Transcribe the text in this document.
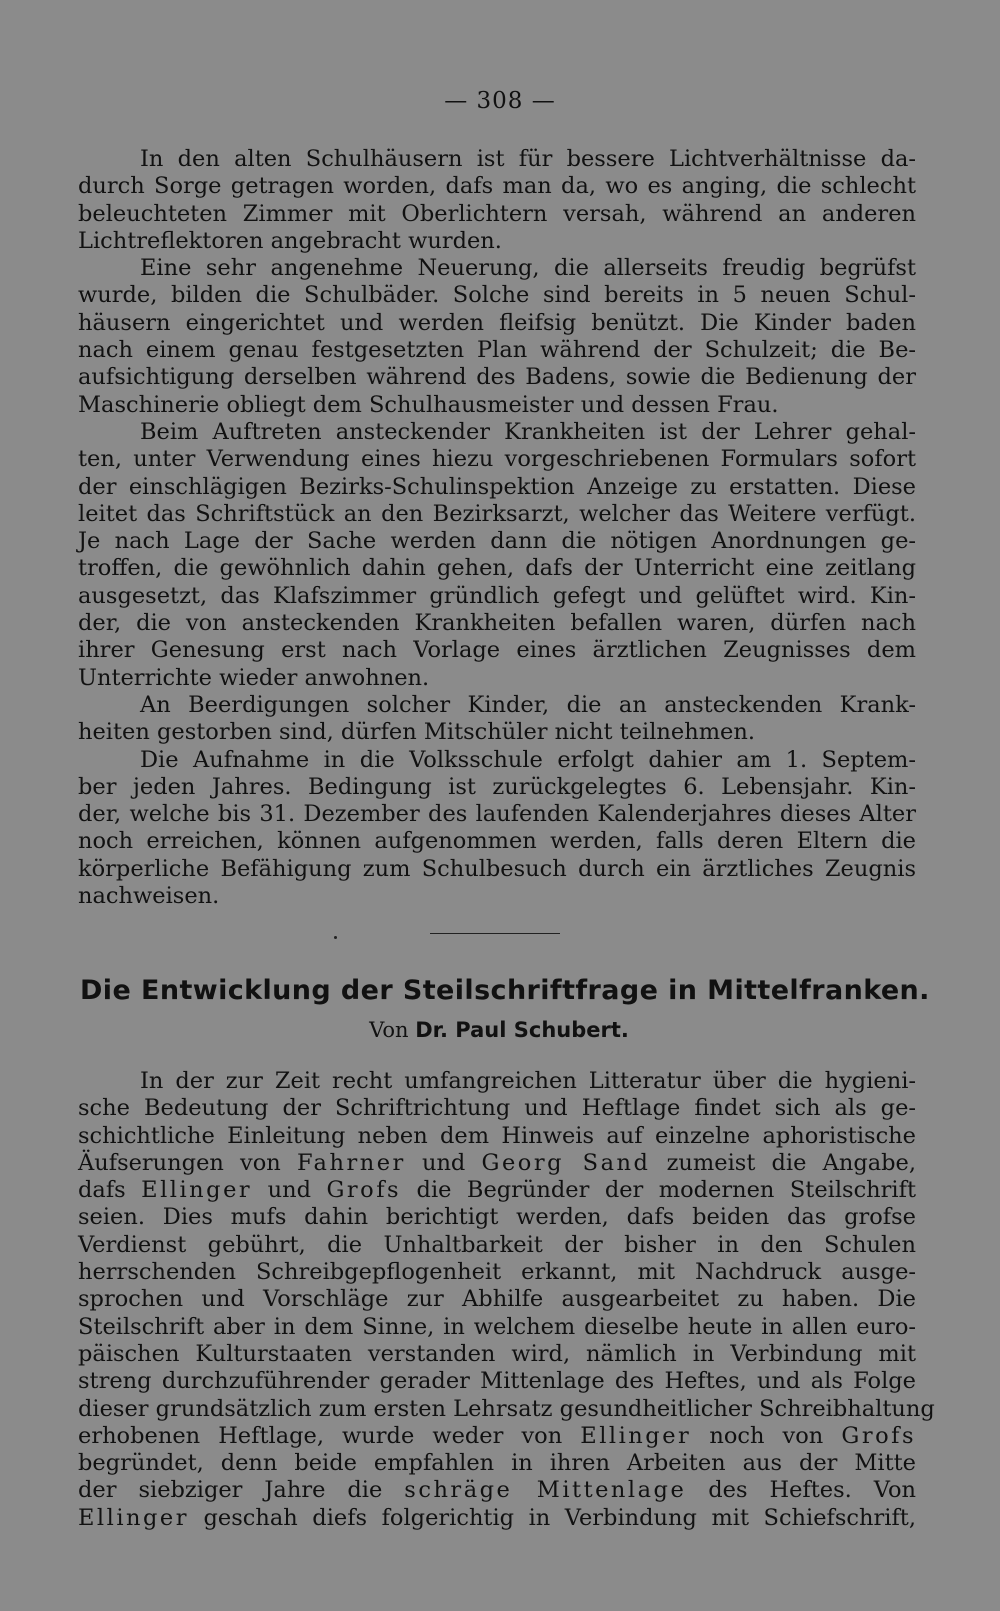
— 308 —
In den alten Schulhäusern ist für bessere Lichtverhältnisse da-
durch Sorge getragen worden, dafs man da, wo es anging, die schlecht
beleuchteten Zimmer mit Oberlichtern versah, während an anderen
Lichtreflektoren angebracht wurden.
Eine sehr angenehme Neuerung, die allerseits freudig begrüfst
wurde, bilden die Schulbäder. Solche sind bereits in 5 neuen Schul-
häusern eingerichtet und werden fleifsig benützt. Die Kinder baden
nach einem genau festgesetzten Plan während der Schulzeit; die Be-
aufsichtigung derselben während des Badens, sowie die Bedienung der
Maschinerie obliegt dem Schulhausmeister und dessen Frau.
Beim Auftreten ansteckender Krankheiten ist der Lehrer gehal-
ten, unter Verwendung eines hiezu vorgeschriebenen Formulars sofort
der einschlägigen Bezirks-Schulinspektion Anzeige zu erstatten. Diese
leitet das Schriftstück an den Bezirksarzt, welcher das Weitere verfügt.
Je nach Lage der Sache werden dann die nötigen Anordnungen ge-
troffen, die gewöhnlich dahin gehen, dafs der Unterricht eine zeitlang
ausgesetzt, das Klafszimmer gründlich gefegt und gelüftet wird. Kin-
der, die von ansteckenden Krankheiten befallen waren, dürfen nach
ihrer Genesung erst nach Vorlage eines ärztlichen Zeugnisses dem
Unterrichte wieder anwohnen.
An Beerdigungen solcher Kinder, die an ansteckenden Krank-
heiten gestorben sind, dürfen Mitschüler nicht teilnehmen.
Die Aufnahme in die Volksschule erfolgt dahier am 1. Septem-
ber jeden Jahres. Bedingung ist zurückgelegtes 6. Lebensjahr. Kin-
der, welche bis 31. Dezember des laufenden Kalenderjahres dieses Alter
noch erreichen, können aufgenommen werden, falls deren Eltern die
körperliche Befähigung zum Schulbesuch durch ein ärztliches Zeugnis
nachweisen.
Die Entwicklung der Steilschriftfrage in Mittelfranken.
Von Dr. Paul Schubert.
In der zur Zeit recht umfangreichen Litteratur über die hygieni-
sche Bedeutung der Schriftrichtung und Heftlage findet sich als ge-
schichtliche Einleitung neben dem Hinweis auf einzelne aphoristische
Äufserungen von Fahrner und Georg Sand zumeist die Angabe,
dafs Ellinger und Grofs die Begründer der modernen Steilschrift
seien. Dies mufs dahin berichtigt werden, dafs beiden das grofse
Verdienst gebührt, die Unhaltbarkeit der bisher in den Schulen
herrschenden Schreibgepflogenheit erkannt, mit Nachdruck ausge-
sprochen und Vorschläge zur Abhilfe ausgearbeitet zu haben. Die
Steilschrift aber in dem Sinne, in welchem dieselbe heute in allen euro-
päischen Kulturstaaten verstanden wird, nämlich in Verbindung mit
streng durchzuführender gerader Mittenlage des Heftes, und als Folge
dieser grundsätzlich zum ersten Lehrsatz gesundheitlicher Schreibhaltung
erhobenen Heftlage, wurde weder von Ellinger noch von Grofs
begründet, denn beide empfahlen in ihren Arbeiten aus der Mitte
der siebziger Jahre die schräge Mittenlage des Heftes. Von
Ellinger geschah diefs folgerichtig in Verbindung mit Schiefschrift,
